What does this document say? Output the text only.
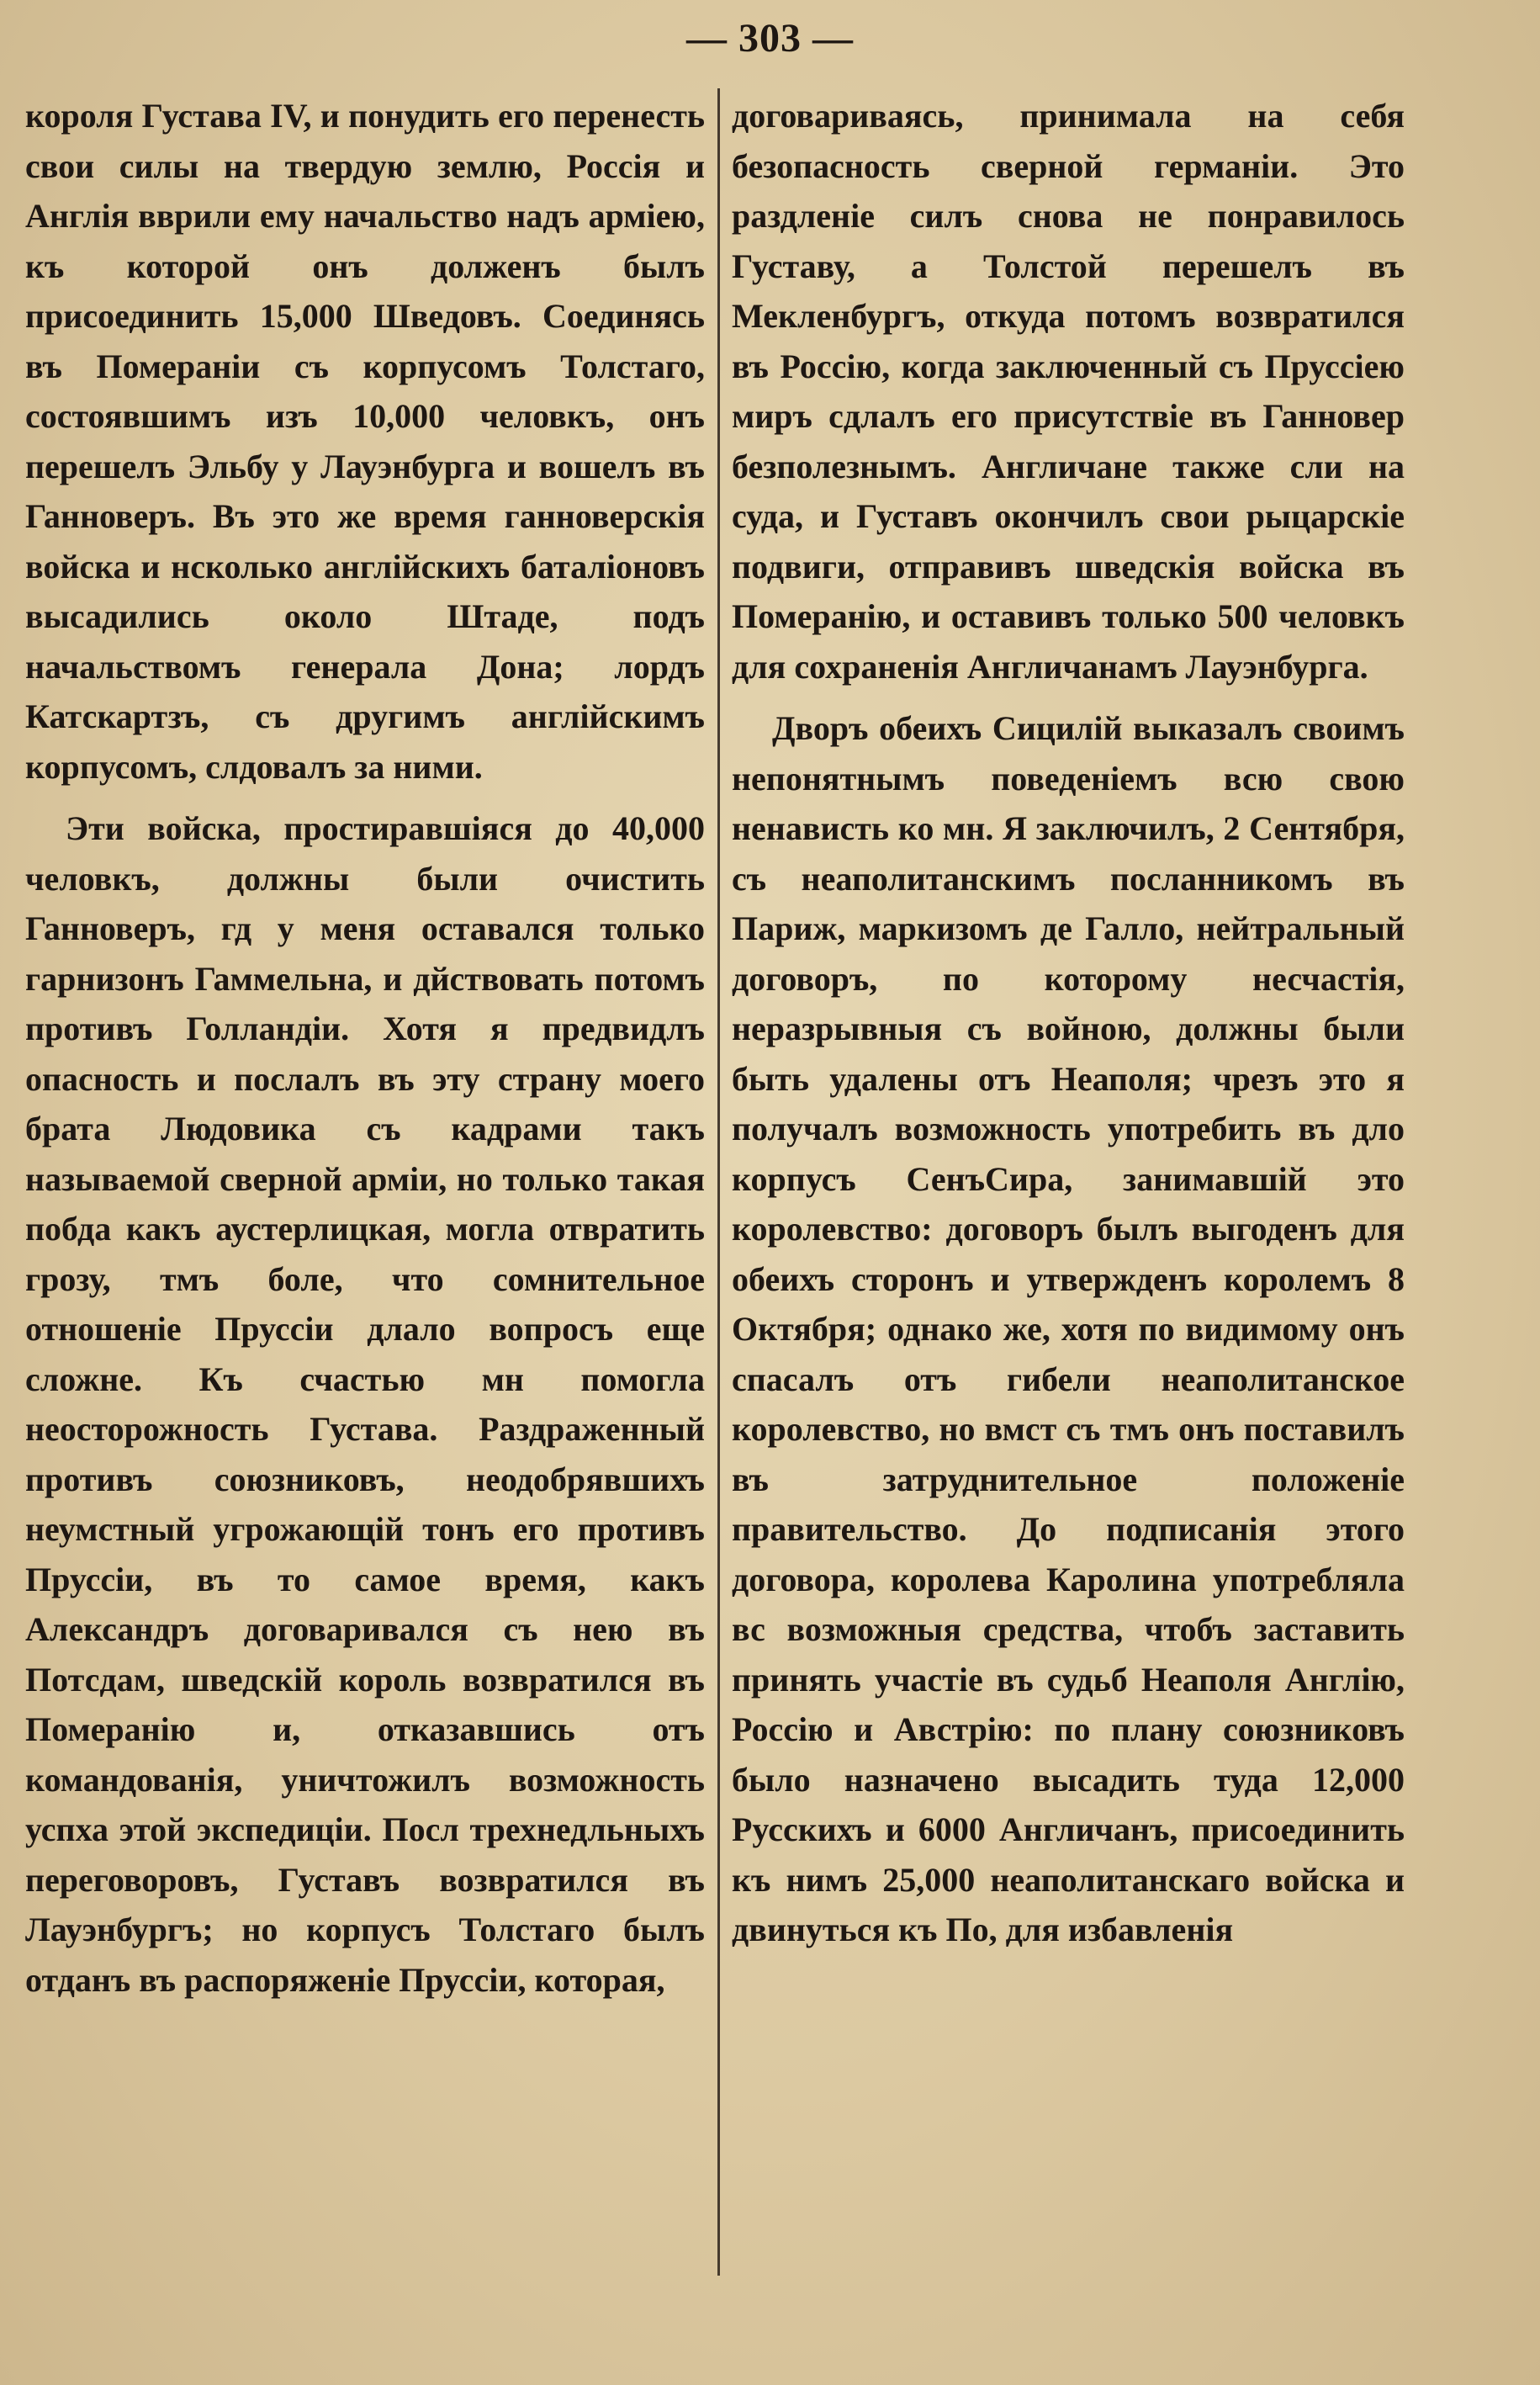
— 303 —

короля Густава IV, и понудить его перенесть свои силы на твердую землю, Россія и Англія вврили ему начальство надъ арміею, къ которой онъ долженъ былъ присоединить 15,000 Шведовъ. Соединясь въ Помераніи съ корпусомъ Толстаго, состоявшимъ изъ 10,000 человкъ, онъ перешелъ Эльбу у Лауэнбурга и вошелъ въ Ганноверъ. Въ это же время ганноверскія войска и нсколько англійскихъ баталіоновъ высадились около Штаде, подъ начальствомъ генерала Дона; лордъ Катскартзъ, съ другимъ англійскимъ корпусомъ, слдовалъ за ними.

Эти войска, простиравшіяся до 40,000 человкъ, должны были очистить Ганноверъ, гд у меня оставался только гарнизонъ Гаммельна, и дйствовать потомъ противъ Голландіи. Хотя я предвидлъ опасность и послалъ въ эту страну моего брата Людовика съ кадрами такъ называемой сверной арміи, но только такая побда какъ аустерлицкая, могла отвратить грозу, тмъ боле, что сомнительное отношеніе Пруссіи длало вопросъ еще сложне. Къ счастью мн помогла неосторожность Густава. Раздраженный противъ союзниковъ, неодобрявшихъ неумстный угрожающій тонъ его противъ Пруссіи, въ то самое время, какъ Александръ договаривался съ нею въ Потсдам, шведскій король возвратился въ Померанію и, отказавшись отъ командованія, уничтожилъ возможность успха этой экспедиціи. Посл трехнедльныхъ переговоровъ, Густавъ возвратился въ Лауэнбургъ; но корпусъ Толстаго былъ отданъ въ распоряженіе Пруссіи, которая,

договариваясь, принимала на себя безопасность сверной германіи. Это раздленіе силъ снова не понравилось Густаву, а Толстой перешелъ въ Мекленбургъ, откуда потомъ возвратился въ Россію, когда заключенный съ Пруссіею миръ сдлалъ его присутствіе въ Ганновер безполезнымъ. Англичане также сли на суда, и Густавъ окончилъ свои рыцарскіе подвиги, отправивъ шведскія войска въ Померанію, и оставивъ только 500 человкъ для сохраненія Англичанамъ Лауэнбурга.

Дворъ обеихъ Сицилій выказалъ своимъ непонятнымъ поведеніемъ всю свою ненависть ко мн. Я заключилъ, 2 Сентября, съ неаполитанскимъ посланникомъ въ Париж, маркизомъ де Галло, нейтральный договоръ, по которому несчастія, неразрывныя съ войною, должны были быть удалены отъ Неаполя; чрезъ это я получалъ возможность употребить въ дло корпусъ СенъСира, занимавшій это королевство: договоръ былъ выгоденъ для обеихъ сторонъ и утвержденъ королемъ 8 Октября; однако же, хотя по видимому онъ спасалъ отъ гибели неаполитанское королевство, но вмст съ тмъ онъ поставилъ въ затруднительное положеніе правительство. До подписанія этого договора, королева Каролина употребляла вс возможныя средства, чтобъ заставить принять участіе въ судьб Неаполя Англію, Россію и Австрію: по плану союзниковъ было назначено высадить туда 12,000 Русскихъ и 6000 Англичанъ, присоединить къ нимъ 25,000 неаполитанскаго войска и двинуться къ По, для избавленія
